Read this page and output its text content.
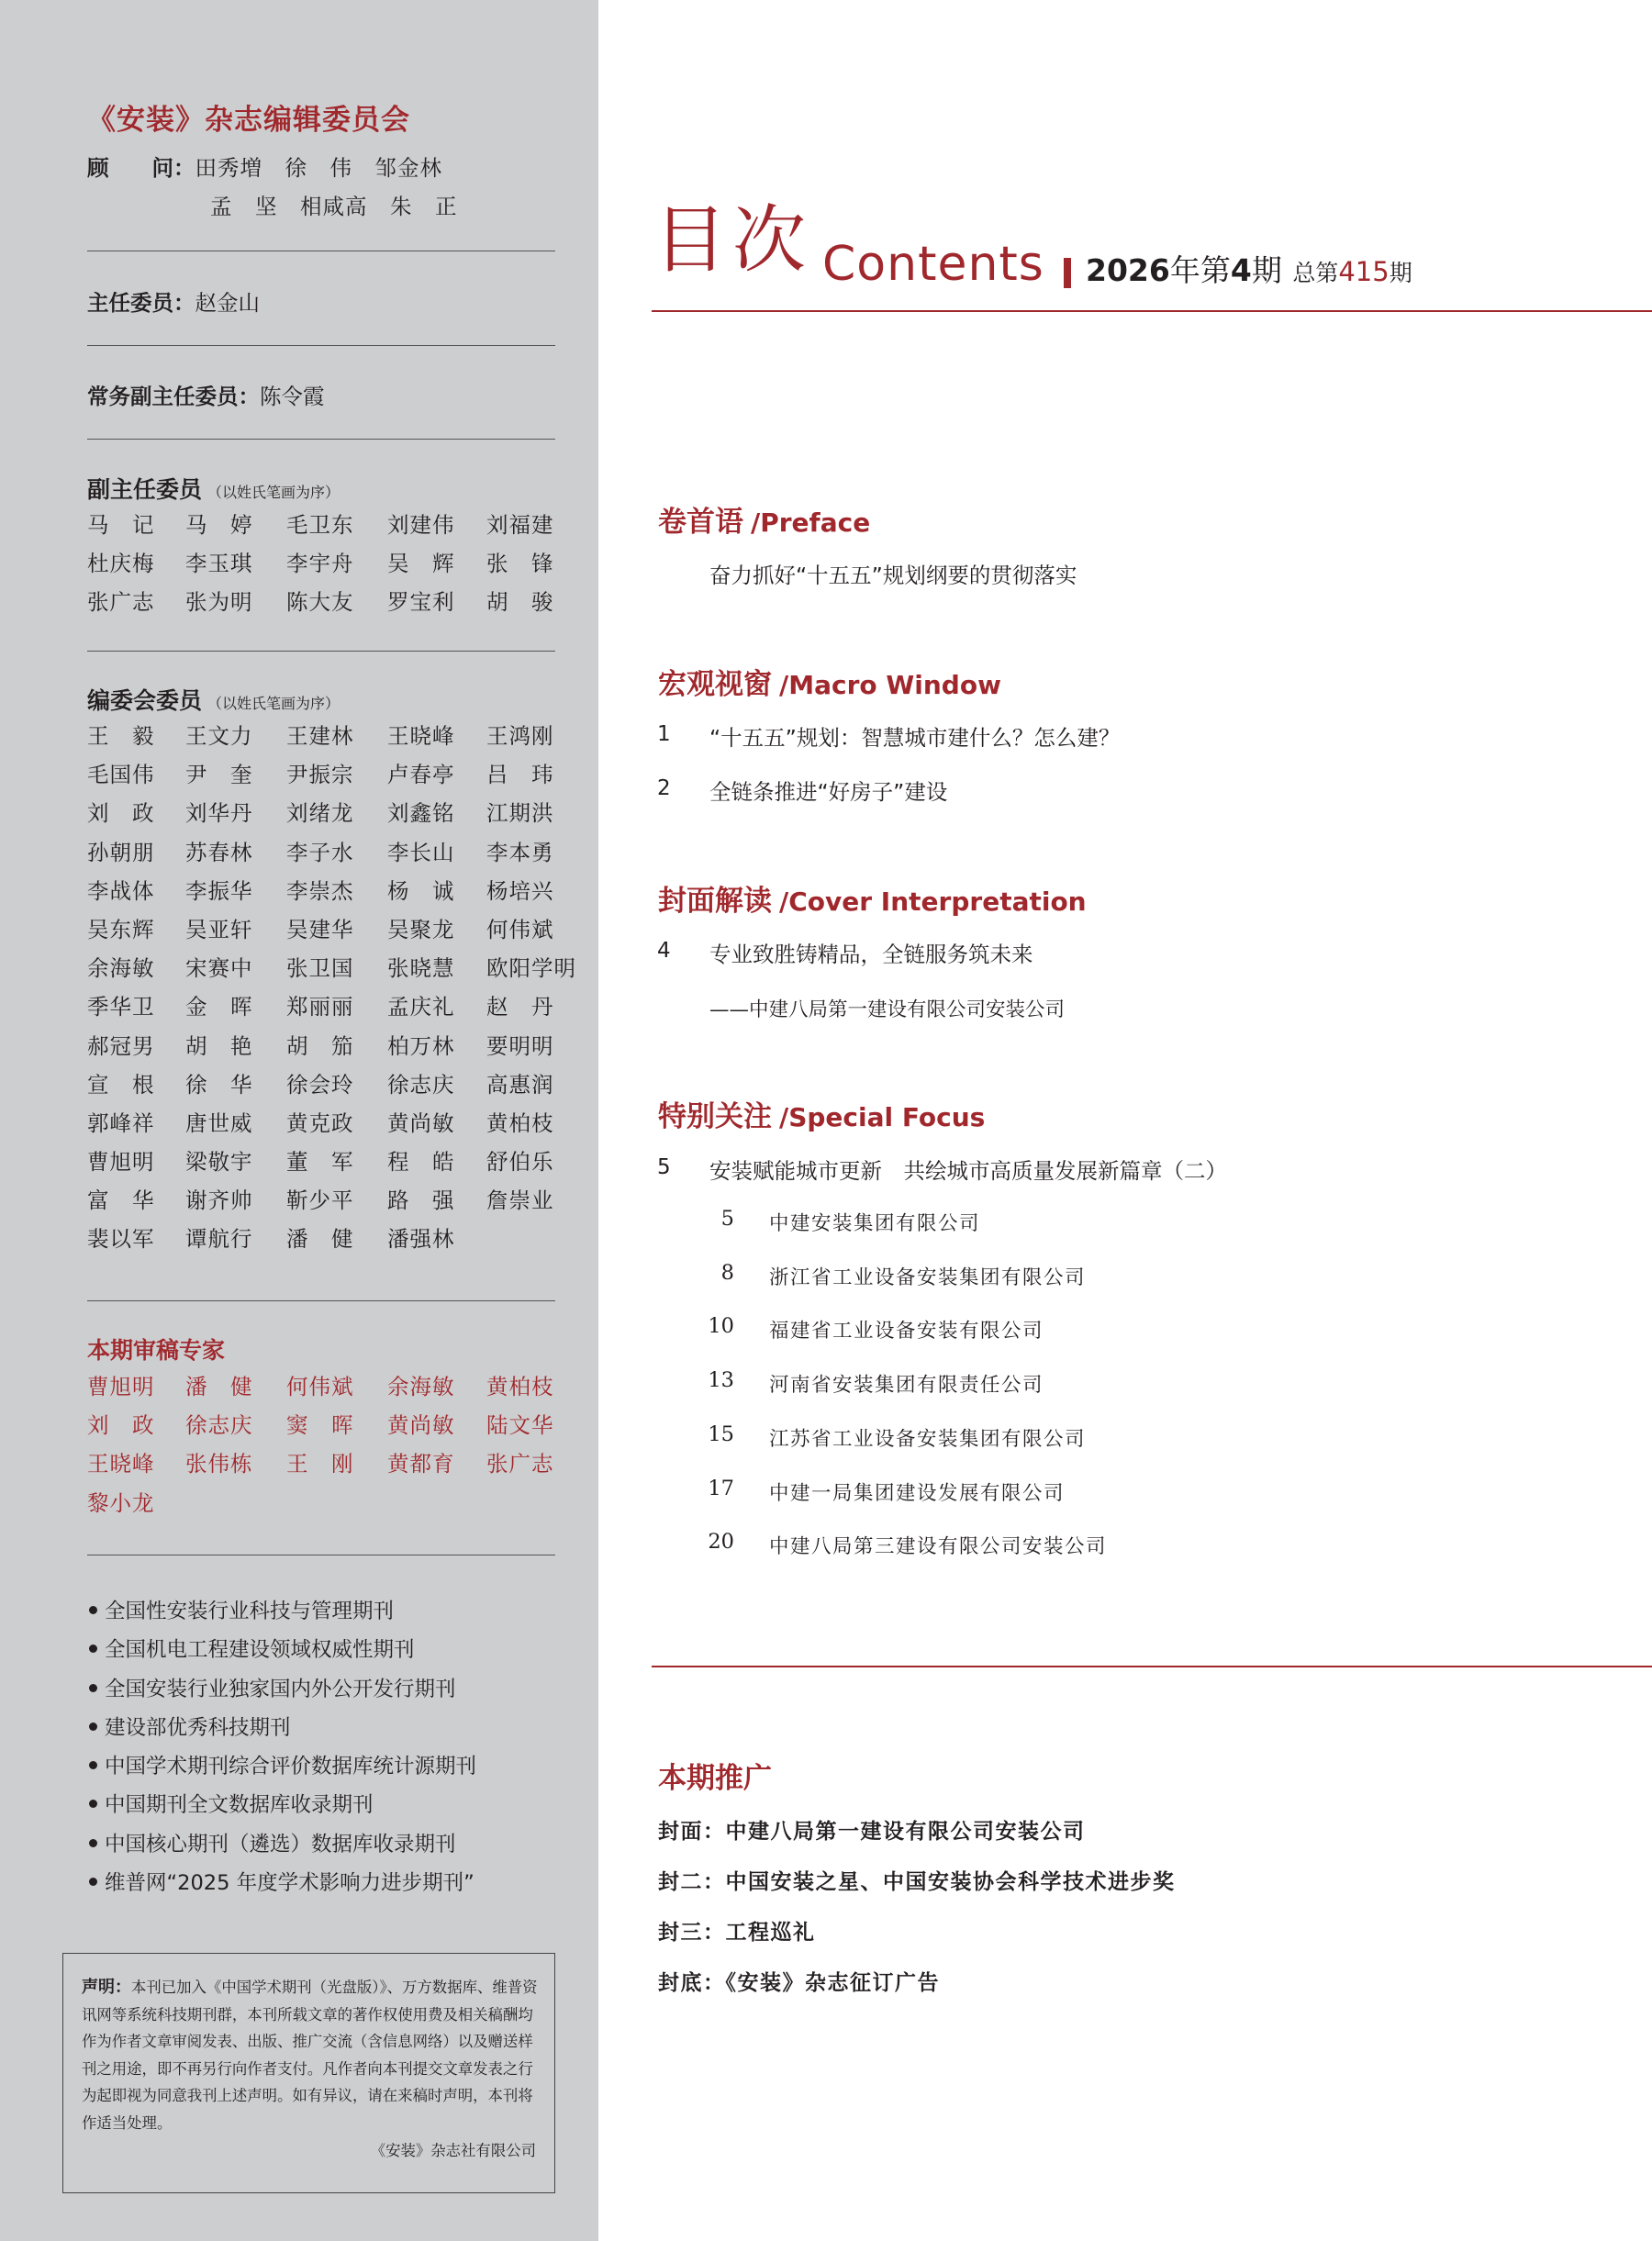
《安装》杂志编辑委员会
顾　　问：田秀増　徐　伟　邹金林
孟　坚　相咸高　朱　正
主任委员：赵金山
常务副主任委员：陈令霞
副主任委员 （以姓氏笔画为序）
马　记	马　婷	毛卫东	刘建伟	刘福建
杜庆梅	李玉琪	李宇舟	吴　辉	张　锋
张广志	张为明	陈大友	罗宝利	胡　骏
编委会委员 （以姓氏笔画为序）
王　毅	王文力	王建林	王晓峰	王鸿刚
毛国伟	尹　奎	尹振宗	卢春亭	吕　玮
刘　政	刘华丹	刘绪龙	刘鑫铭	江期洪
孙朝朋	苏春林	李子水	李长山	李本勇
李战体	李振华	李崇杰	杨　诚	杨培兴
吴东辉	吴亚轩	吴建华	吴聚龙	何伟斌
余海敏	宋赛中	张卫国	张晓慧	欧阳学明
季华卫	金　晖	郑丽丽	孟庆礼	赵　丹
郝冠男	胡　艳	胡　笳	柏万林	要明明
宣　根	徐　华	徐会玲	徐志庆	高惠润
郭峰祥	唐世威	黄克政	黄尚敏	黄柏枝
曹旭明	梁敬宇	董　军	程　皓	舒伯乐
富　华	谢齐帅	靳少平	路　强	詹崇业
裴以军	谭航行	潘　健	潘强林
本期审稿专家
曹旭明	潘　健	何伟斌	余海敏	黄柏枝
刘　政	徐志庆	窦　晖	黄尚敏	陆文华
王晓峰	张伟栋	王　刚	黄都育	张广志
黎小龙
全国性安装行业科技与管理期刊
全国机电工程建设领域权威性期刊
全国安装行业独家国内外公开发行期刊
建设部优秀科技期刊
中国学术期刊综合评价数据库统计源期刊
中国期刊全文数据库收录期刊
中国核心期刊（遴选）数据库收录期刊
维普网“2025 年度学术影响力进步期刊”
声明：本刊已加入《中国学术期刊（光盘版）》、万方数据库、维普资讯网等系统科技期刊群，本刊所载文章的著作权使用费及相关稿酬均作为作者文章审阅发表、出版、推广交流（含信息网络）以及赠送样刊之用途，即不再另行向作者支付。凡作者向本刊提交文章发表之行为起即视为同意我刊上述声明。如有异议，请在来稿时声明，本刊将作适当处理。
《安装》杂志社有限公司
目次 Contents 2026年第4期 总第415期
卷首语 /Preface
奋力抓好“十五五”规划纲要的贯彻落实
宏观视窗 /Macro Window
1 “十五五”规划：智慧城市建什么？怎么建？
2 全链条推进“好房子”建设
封面解读 /Cover Interpretation
4 专业致胜铸精品，全链服务筑未来
——中建八局第一建设有限公司安装公司
特别关注 /Special Focus
5 安装赋能城市更新　共绘城市高质量发展新篇章（二）
5 中建安装集团有限公司
8 浙江省工业设备安装集团有限公司
10 福建省工业设备安装有限公司
13 河南省安装集团有限责任公司
15 江苏省工业设备安装集团有限公司
17 中建一局集团建设发展有限公司
20 中建八局第三建设有限公司安装公司
本期推广
封面：中建八局第一建设有限公司安装公司
封二：中国安装之星、中国安装协会科学技术进步奖
封三：工程巡礼
封底：《安装》杂志征订广告
